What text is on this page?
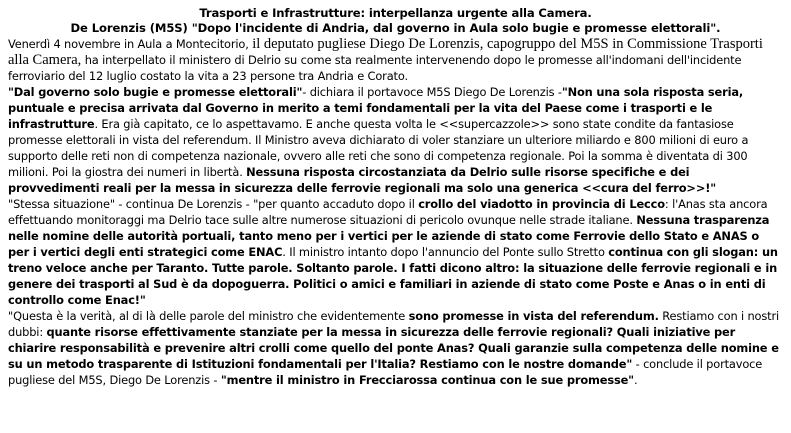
Trasporti e Infrastrutture: interpellanza urgente alla Camera.
De Lorenzis (M5S) "Dopo l'incidente di Andria, dal governo in Aula solo bugie e promesse elettorali".

Venerdì 4 novembre in Aula a Montecitorio, il deputato pugliese Diego De Lorenzis, capogruppo del M5S in Commissione Trasporti alla Camera, ha interpellato il ministero di Delrio su come sta realmente intervenendo dopo le promesse all'indomani dell'incidente ferroviario del 12 luglio costato la vita a 23 persone tra Andria e Corato.

"Dal governo solo bugie e promesse elettorali"- dichiara il portavoce M5S Diego De Lorenzis -"Non una sola risposta seria, puntuale e precisa arrivata dal Governo in merito a temi fondamentali per la vita del Paese come i trasporti e le infrastrutture. Era già capitato, ce lo aspettavamo. E anche questa volta le <<supercazzole>> sono state condite da fantasiose promesse elettorali in vista del referendum. Il Ministro aveva dichiarato di voler stanziare un ulteriore miliardo e 800 milioni di euro a supporto delle reti non di competenza nazionale, ovvero alle reti che sono di competenza regionale. Poi la somma è diventata di 300 milioni. Poi la giostra dei numeri in libertà. Nessuna risposta circostanziata da Delrio sulle risorse specifiche e dei provvedimenti reali per la messa in sicurezza delle ferrovie regionali ma solo una generica <<cura del ferro>>!"

"Stessa situazione" - continua De Lorenzis - "per quanto accaduto dopo il crollo del viadotto in provincia di Lecco: l'Anas sta ancora effettuando monitoraggi ma Delrio tace sulle altre numerose situazioni di pericolo ovunque nelle strade italiane. Nessuna trasparenza nelle nomine delle autorità portuali, tanto meno per i vertici per le aziende di stato come Ferrovie dello Stato e ANAS o per i vertici degli enti strategici come ENAC. Il ministro intanto dopo l'annuncio del Ponte sullo Stretto continua con gli slogan: un treno veloce anche per Taranto. Tutte parole. Soltanto parole. I fatti dicono altro: la situazione delle ferrovie regionali e in genere dei trasporti al Sud è da dopoguerra. Politici o amici e familiari in aziende di stato come Poste e Anas o in enti di controllo come Enac!"

"Questa è la verità, al di là delle parole del ministro che evidentemente sono promesse in vista del referendum. Restiamo con i nostri dubbi: quante risorse effettivamente stanziate per la messa in sicurezza delle ferrovie regionali? Quali iniziative per chiarire responsabilità e prevenire altri crolli come quello del ponte Anas? Quali garanzie sulla competenza delle nomine e su un metodo trasparente di Istituzioni fondamentali per l'Italia? Restiamo con le nostre domande" - conclude il portavoce pugliese del M5S, Diego De Lorenzis - "mentre il ministro in Frecciarossa continua con le sue promesse".
